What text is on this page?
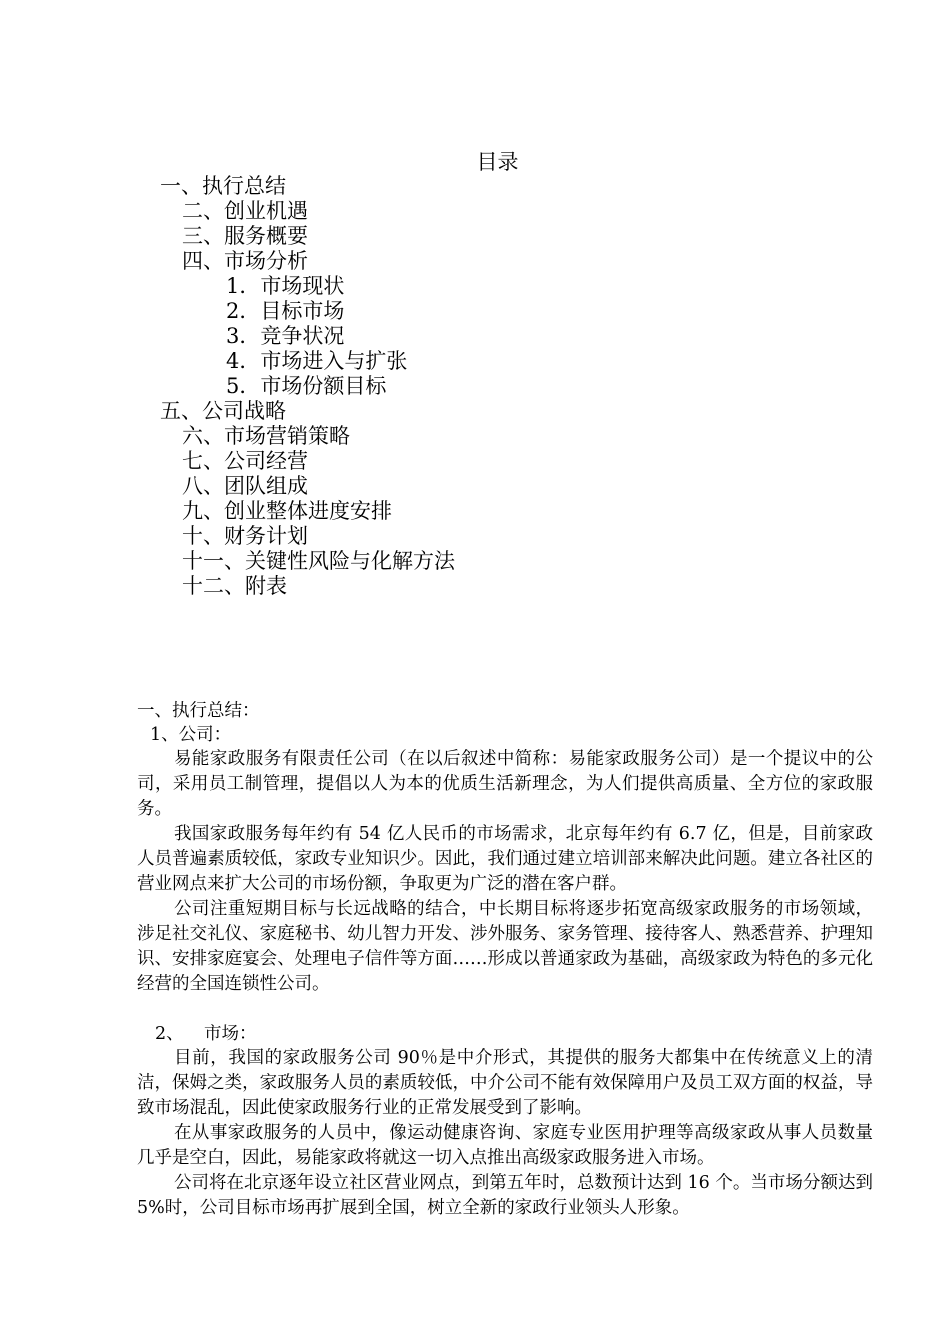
目录
一、执行总结
二、创业机遇
三、服务概要
四、市场分析
1．市场现状
2．目标市场
3．竞争状况
4．市场进入与扩张
5．市场份额目标
五、公司战略
六、市场营销策略
七、公司经营
八、团队组成
九、创业整体进度安排
十、财务计划
十一、关键性风险与化解方法
十二、附表
一、执行总结：
1、公司：

易能家政服务有限责任公司（在以后叙述中简称：易能家政服务公司）是一个提议中的公司，采用员工制管理，提倡以人为本的优质生活新理念，为人们提供高质量、全方位的家政服务。

我国家政服务每年约有 54 亿人民币的市场需求，北京每年约有 6.7 亿，但是，目前家政人员普遍素质较低，家政专业知识少。因此，我们通过建立培训部来解决此问题。建立各社区的营业网点来扩大公司的市场份额，争取更为广泛的潜在客户群。

公司注重短期目标与长远战略的结合，中长期目标将逐步拓宽高级家政服务的市场领域，涉足社交礼仪、家庭秘书、幼儿智力开发、涉外服务、家务管理、接待客人、熟悉营养、护理知识、安排家庭宴会、处理电子信件等方面……形成以普通家政为基础，高级家政为特色的多元化经营的全国连锁性公司。

2、 市场：

目前，我国的家政服务公司 90％是中介形式，其提供的服务大都集中在传统意义上的清洁，保姆之类，家政服务人员的素质较低，中介公司不能有效保障用户及员工双方面的权益，导致市场混乱，因此使家政服务行业的正常发展受到了影响。

在从事家政服务的人员中，像运动健康咨询、家庭专业医用护理等高级家政从事人员数量几乎是空白，因此，易能家政将就这一切入点推出高级家政服务进入市场。

公司将在北京逐年设立社区营业网点，到第五年时，总数预计达到 16 个。当市场分额达到 5%时，公司目标市场再扩展到全国，树立全新的家政行业领头人形象。
